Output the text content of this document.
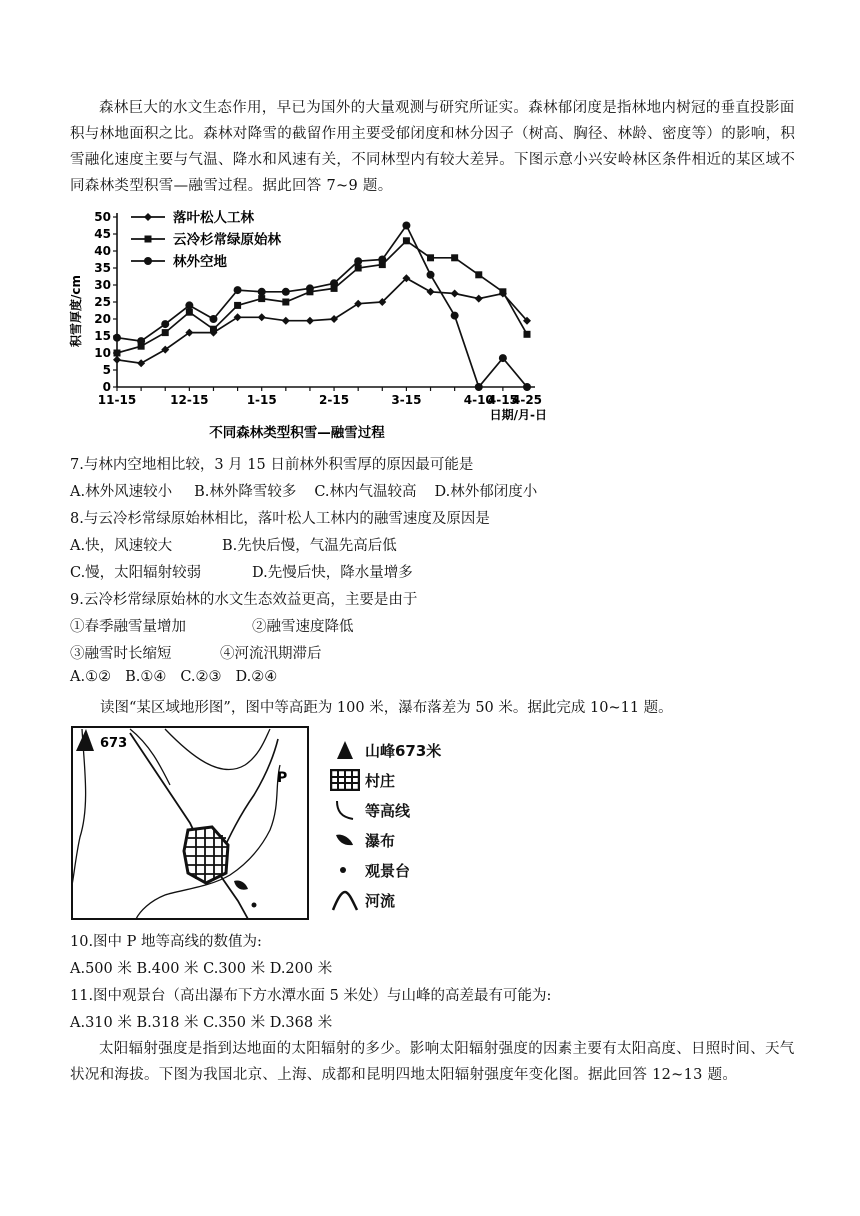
森林巨大的水文生态作用，早已为国外的大量观测与研究所证实。森林郁闭度是指林地内树冠的垂直投影面积与林地面积之比。森林对降雪的截留作用主要受郁闭度和林分因子（树高、胸径、林龄、密度等）的影响，积雪融化速度主要与气温、降水和风速有关，不同林型内有较大差异。下图示意小兴安岭林区条件相近的某区域不同森林类型积雪—融雪过程。据此回答 7~9 题。
0
5
10
15
20
25
30
35
40
45
50
11-15	12-15	1-15	2-15	3-15	4-10
4-15
4-25
积雪厚度/cm
日期/月-日
落叶松人工林
云冷杉常绿原始林
林外空地
不同森林类型积雪—融雪过程
7.与林内空地相比较，3 月 15 日前林外积雪厚的原因最可能是
A.林外风速较小 B.林外降雪较多 C.林内气温较高 D.林外郁闭度小
8.与云冷杉常绿原始林相比，落叶松人工林内的融雪速度及原因是
A.快，风速较大	B.先快后慢，气温先高后低
C.慢，太阳辐射较弱	D.先慢后快，降水量增多
9.云冷杉常绿原始林的水文生态效益更高，主要是由于
①春季融雪量增加	②融雪速度降低
③融雪时长缩短	④河流汛期滞后
A.①② B.①④ C.②③ D.②④
读图“某区域地形图”，图中等高距为 100 米，瀑布落差为 50 米。据此完成 10~11 题。
673
P
山峰673米
村庄
等高线
瀑布
观景台
河流
10.图中 P 地等高线的数值为:
A.500 米 B.400 米 C.300 米 D.200 米
11.图中观景台（高出瀑布下方水潭水面 5 米处）与山峰的高差最有可能为:
A.310 米 B.318 米 C.350 米 D.368 米
太阳辐射强度是指到达地面的太阳辐射的多少。影响太阳辐射强度的因素主要有太阳高度、日照时间、天气状况和海拔。下图为我国北京、上海、成都和昆明四地太阳辐射强度年变化图。据此回答 12~13 题。
